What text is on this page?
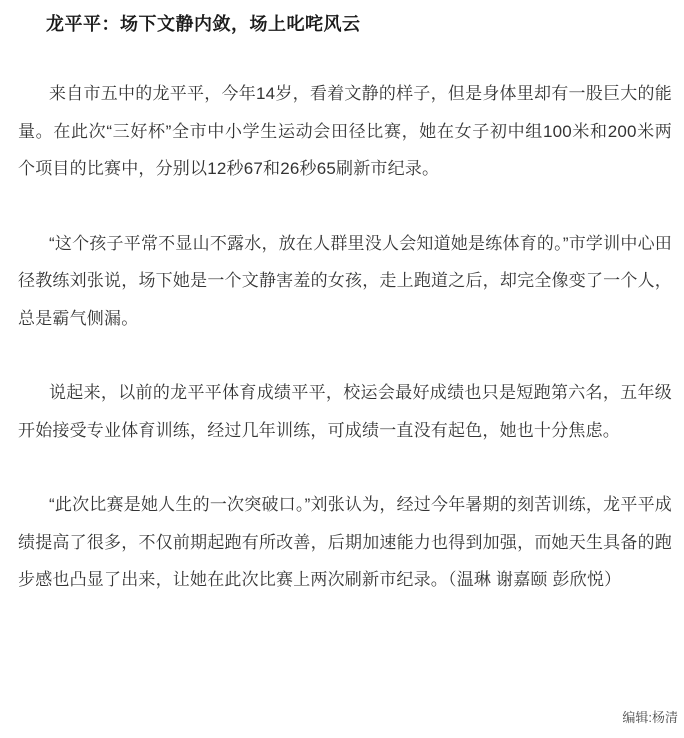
龙平平：场下文静内敛，场上叱咤风云

来自市五中的龙平平，今年14岁，看着文静的样子，但是身体里却有一股巨大的能量。在此次“三好杯”全市中小学生运动会田径比赛，她在女子初中组100米和200米两个项目的比赛中，分别以12秒67和26秒65刷新市纪录。

“这个孩子平常不显山不露水，放在人群里没人会知道她是练体育的。”市学训中心田径教练刘张说，场下她是一个文静害羞的女孩，走上跑道之后，却完全像变了一个人，总是霸气侧漏。

说起来，以前的龙平平体育成绩平平，校运会最好成绩也只是短跑第六名，五年级开始接受专业体育训练，经过几年训练，可成绩一直没有起色，她也十分焦虑。

“此次比赛是她人生的一次突破口。”刘张认为，经过今年暑期的刻苦训练，龙平平成绩提高了很多，不仅前期起跑有所改善，后期加速能力也得到加强，而她天生具备的跑步感也凸显了出来，让她在此次比赛上两次刷新市纪录。（温琳 谢嘉颐 彭欣悦）

编辑:杨清
